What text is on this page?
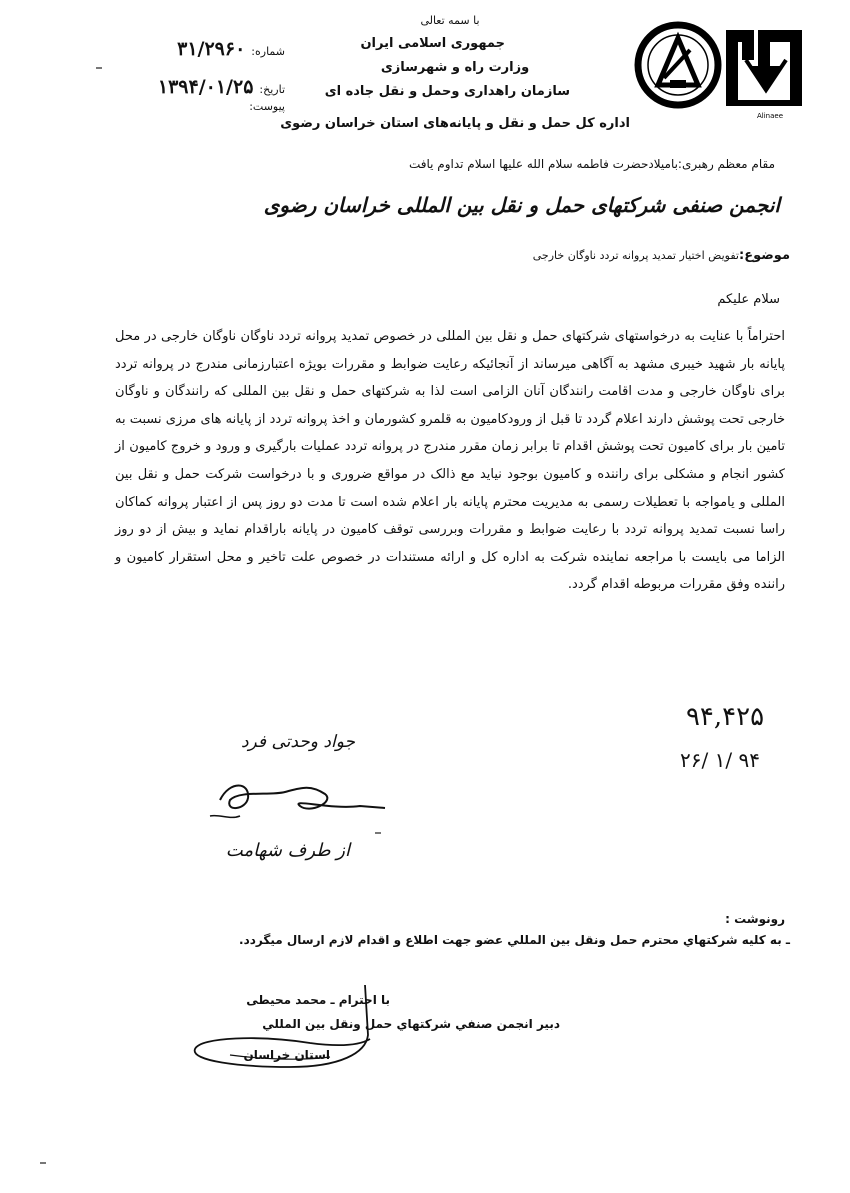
Alinaee
با سمه تعالی
جمهوری اسلامی ایران
وزارت راه و شهرسازی
سازمان راهداری وحمل و نقل جاده ای
اداره کل حمل و نقل و پایانه‌های استان خراسان رضوی
شماره:
۳۱/۲۹۶۰
تاریخ:
۱۳۹۴/۰۱/۲۵
پیوست:
مقام معظم رهبری:بامیلادحضرت فاطمه سلام الله علیها اسلام تداوم یافت
انجمن صنفی شرکتهای حمل و نقل بین المللی خراسان رضوی
موضوع:تفویض اختیار تمدید پروانه تردد ناوگان خارجی
سلام علیکم
احتراماً با عنایت به درخواستهای شرکتهای حمل و نقل بین المللی در خصوص تمدید پروانه تردد ناوگان ناوگان خارجی در محل پایانه بار شهید خیبری مشهد به آگاهی میرساند از آنجائیکه رعایت ضوابط و مقررات بویژه اعتبارزمانی مندرج در پروانه تردد برای ناوگان خارجی و مدت اقامت رانندگان آنان الزامی است لذا به شرکتهای حمل و نقل بین المللی که رانندگان و ناوگان خارجی تحت پوشش دارند اعلام گردد تا قبل از ورودکامیون به قلمرو کشورمان و اخذ پروانه تردد از پایانه های مرزی نسبت به تامین بار برای کامیون تحت پوشش اقدام تا برابر زمان مقرر مندرج در پروانه تردد عملیات بارگیری و ورود و خروج کامیون از کشور انجام و مشکلی برای راننده و کامیون بوجود نیاید مع ذالک در مواقع ضروری و با درخواست شرکت حمل و نقل بین المللی و یامواجه با تعطیلات رسمی به مدیریت محترم پایانه بار اعلام شده است تا مدت دو روز پس از اعتبار پروانه کماکان راسا نسبت تمدید پروانه تردد با رعایت ضوابط و مقررات وبررسی توقف کامیون در پایانه باراقدام نماید و بیش از دو روز الزاما می بایست با مراجعه نماینده شرکت به اداره کل و ارائه مستندات در خصوص علت تاخیر و محل استقرار کامیون و راننده وفق مقررات مربوطه اقدام گردد.
۹۴,۴۲۵
۲۶/ ۱/ ۹۴
جواد وحدتی فرد
از طرف شهامت
رونوشت :
ـ به کلیه شرکتهاي محترم حمل ونقل بین المللي عضو جهت اطلاع و اقدام لازم ارسال میگردد.
با احترام ـ محمد محیطی
دبیر انجمن صنفي شرکتهاي حمل ونقل بین المللي
استان خراسان
